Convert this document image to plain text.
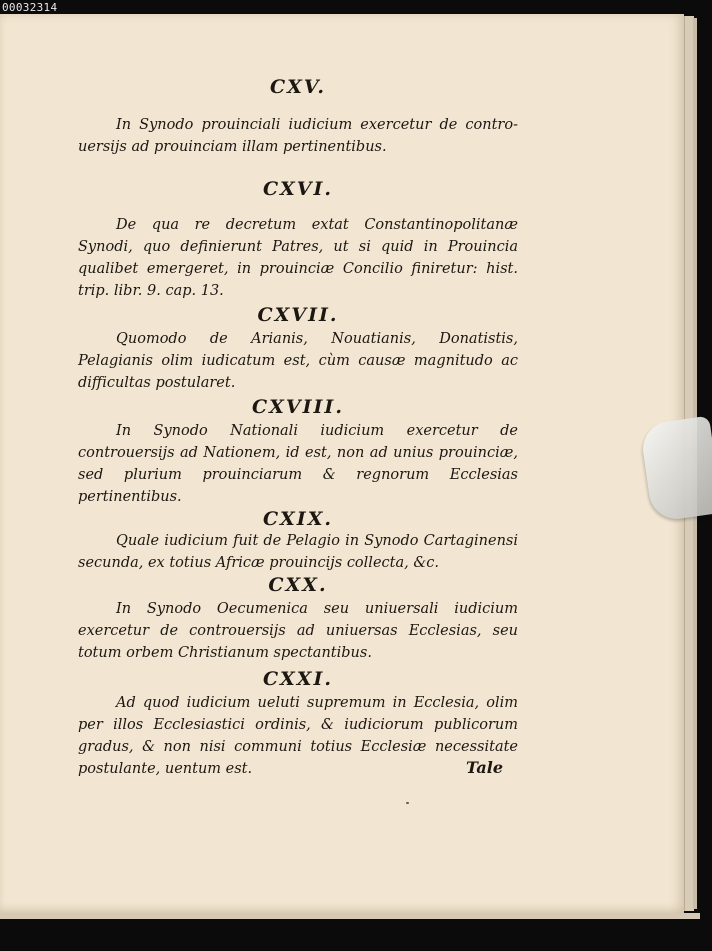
00032314

CXV.

In Synodo prouinciali iudicium exercetur de contro-uersijs ad prouinciam illam pertinentibus.

CXVI.

De qua re decretum extat Constantinopolitanæ Synodi, quo definierunt Patres, ut si quid in Prouincia qualibet emergeret, in prouinciæ Concilio finiretur: hist. trip. libr. 9. cap. 13.

CXVII.

Quomodo de Arianis, Nouatianis, Donatistis, Pelagianis olim iudicatum est, cùm causæ magnitudo ac difficultas postularet.

CXVIII.

In Synodo Nationali iudicium exercetur de controuersijs ad Nationem, id est, non ad unius prouinciæ, sed plurium prouinciarum & regnorum Ecclesias pertinentibus.

CXIX.

Quale iudicium fuit de Pelagio in Synodo Cartaginensi secunda, ex totius Africæ prouincijs collecta, &c.

CXX.

In Synodo Oecumenica seu uniuersali iudicium exercetur de controuersijs ad uniuersas Ecclesias, seu totum orbem Christianum spectantibus.

CXXI.

Ad quod iudicium ueluti supremum in Ecclesia, olim per illos Ecclesiastici ordinis, & iudiciorum publicorum gradus, & non nisi communi totius Ecclesiæ necessitate postulante, uentum est.	Tale
